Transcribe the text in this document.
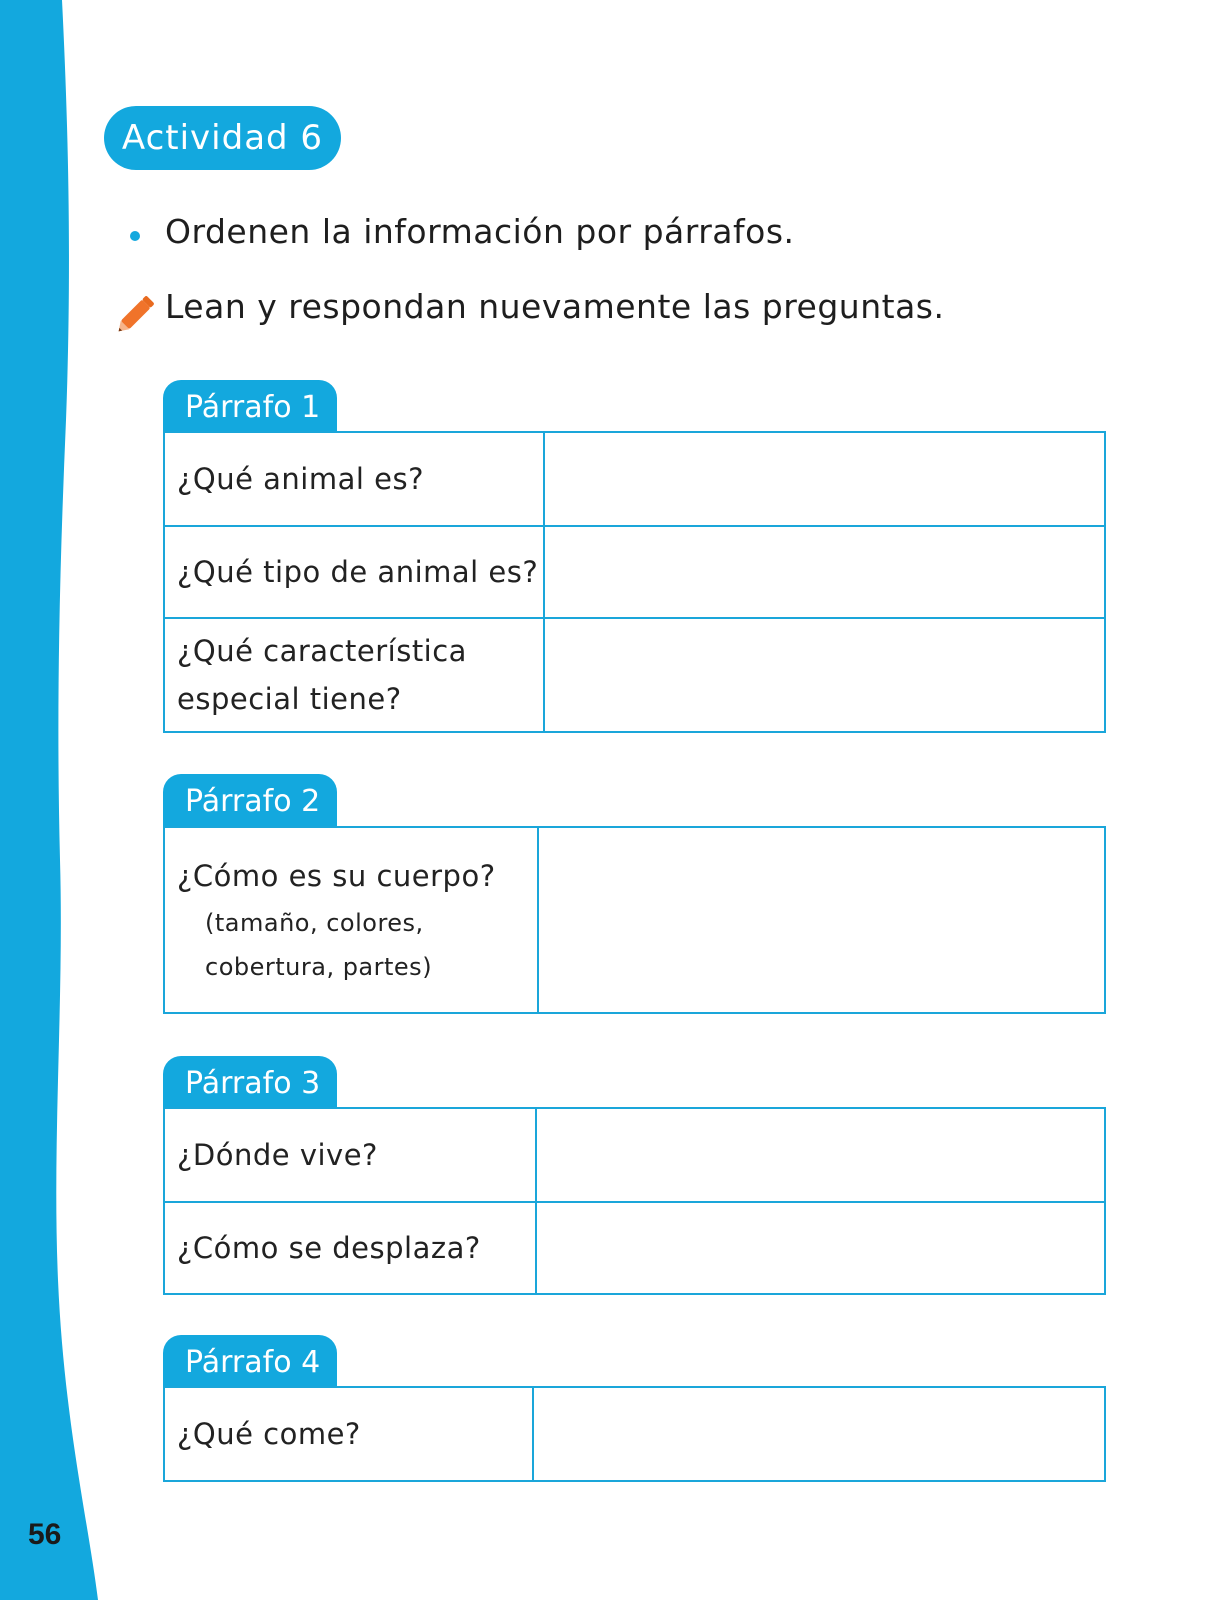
56
Actividad 6
Ordenen la información por párrafos.
Lean y respondan nuevamente las preguntas.
Párrafo 1
¿Qué animal es?
¿Qué tipo de animal es?
¿Qué característica
especial tiene?
Párrafo 2
¿Cómo es su cuerpo?
(tamaño, colores,
cobertura, partes)
Párrafo 3
¿Dónde vive?
¿Cómo se desplaza?
Párrafo 4
¿Qué come?
